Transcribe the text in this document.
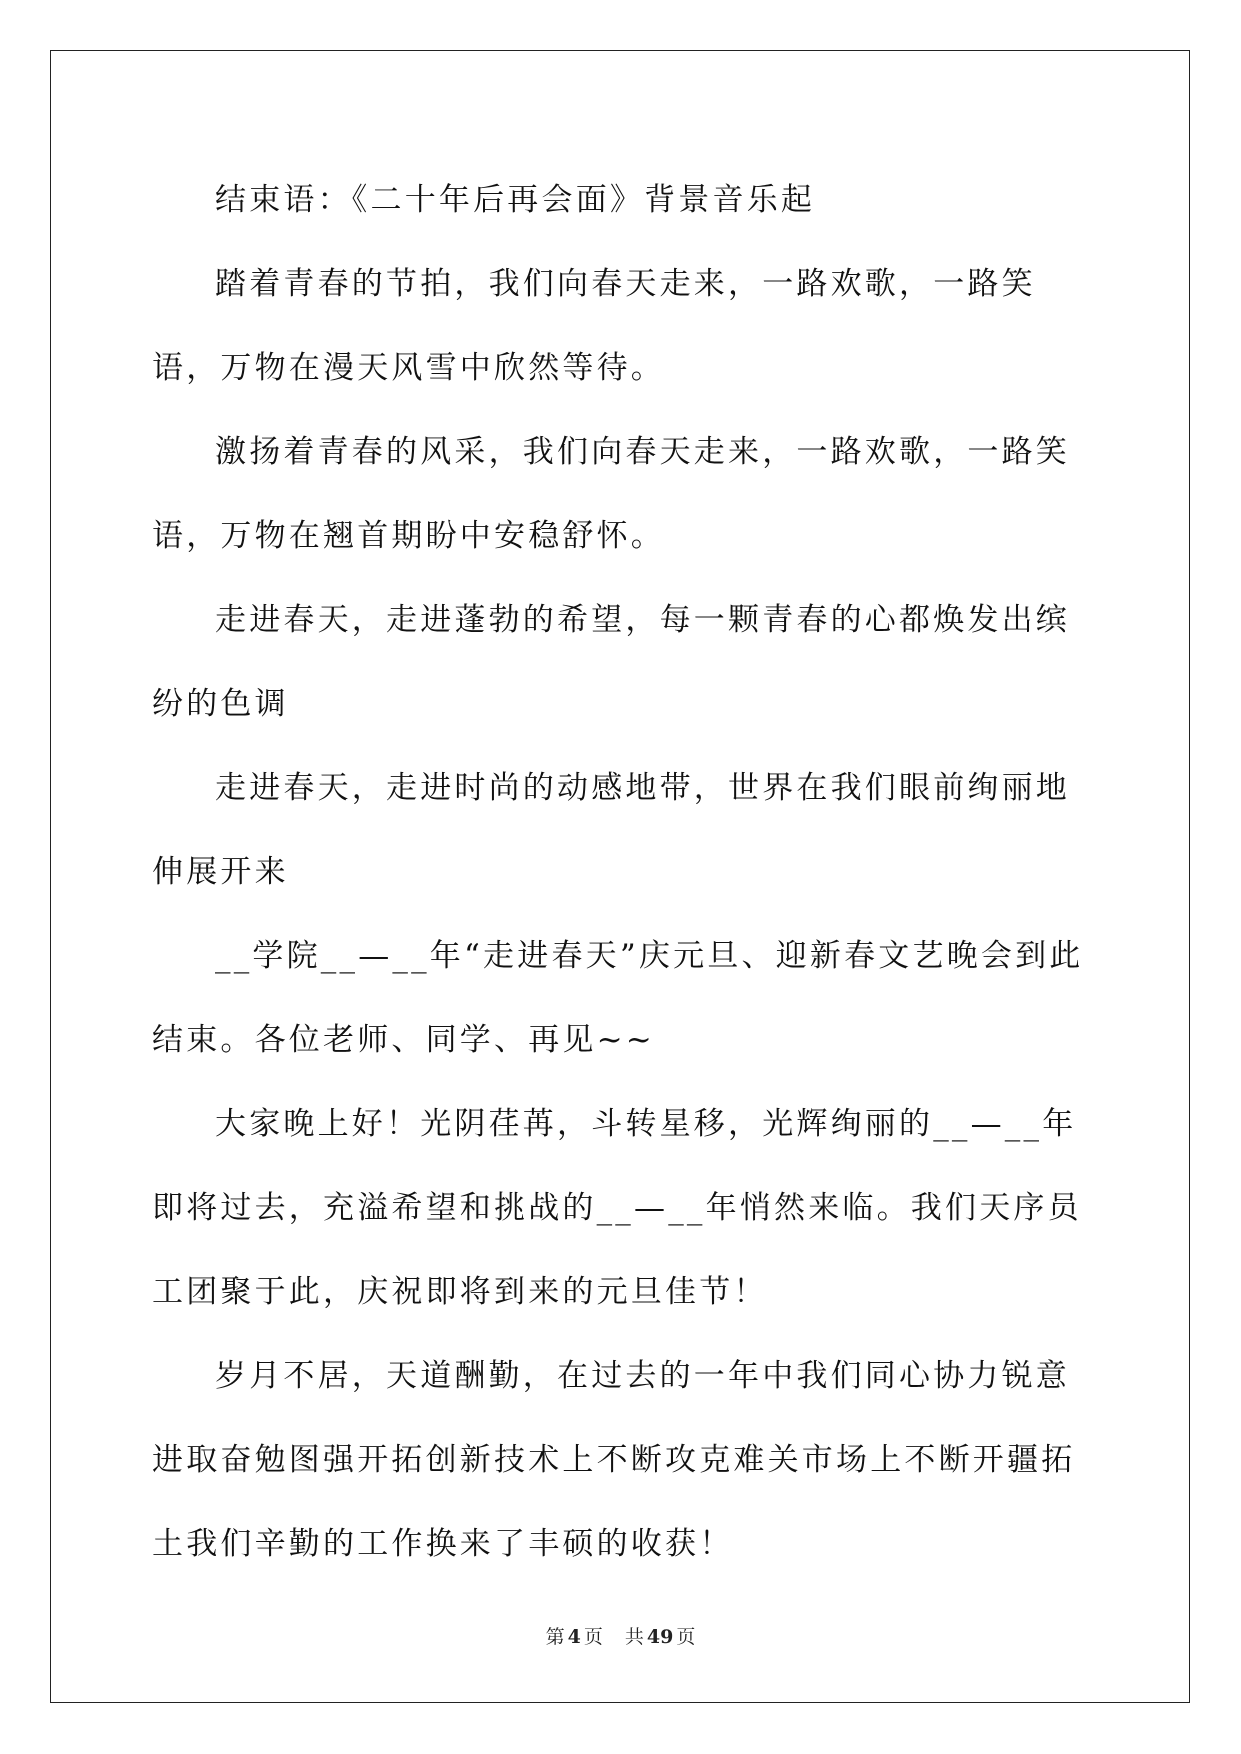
结束语：《二十年后再会面》背景音乐起

踏着青春的节拍，我们向春天走来，一路欢歌，一路笑语，万物在漫天风雪中欣然等待。

激扬着青春的风采，我们向春天走来，一路欢歌，一路笑语，万物在翘首期盼中安稳舒怀。

走进春天，走进蓬勃的希望，每一颗青春的心都焕发出缤纷的色调

走进春天，走进时尚的动感地带，世界在我们眼前绚丽地伸展开来

__学院__—__年“走进春天”庆元旦、迎新春文艺晚会到此结束。各位老师、同学、再见~~

大家晚上好！光阴荏苒，斗转星移，光辉绚丽的__—__年即将过去，充溢希望和挑战的__—__年悄然来临。我们天序员工团聚于此，庆祝即将到来的元旦佳节！

岁月不居，天道酬勤，在过去的一年中我们同心协力锐意进取奋勉图强开拓创新技术上不断攻克难关市场上不断开疆拓土我们辛勤的工作换来了丰硕的收获！

第 4 页 共 49 页
